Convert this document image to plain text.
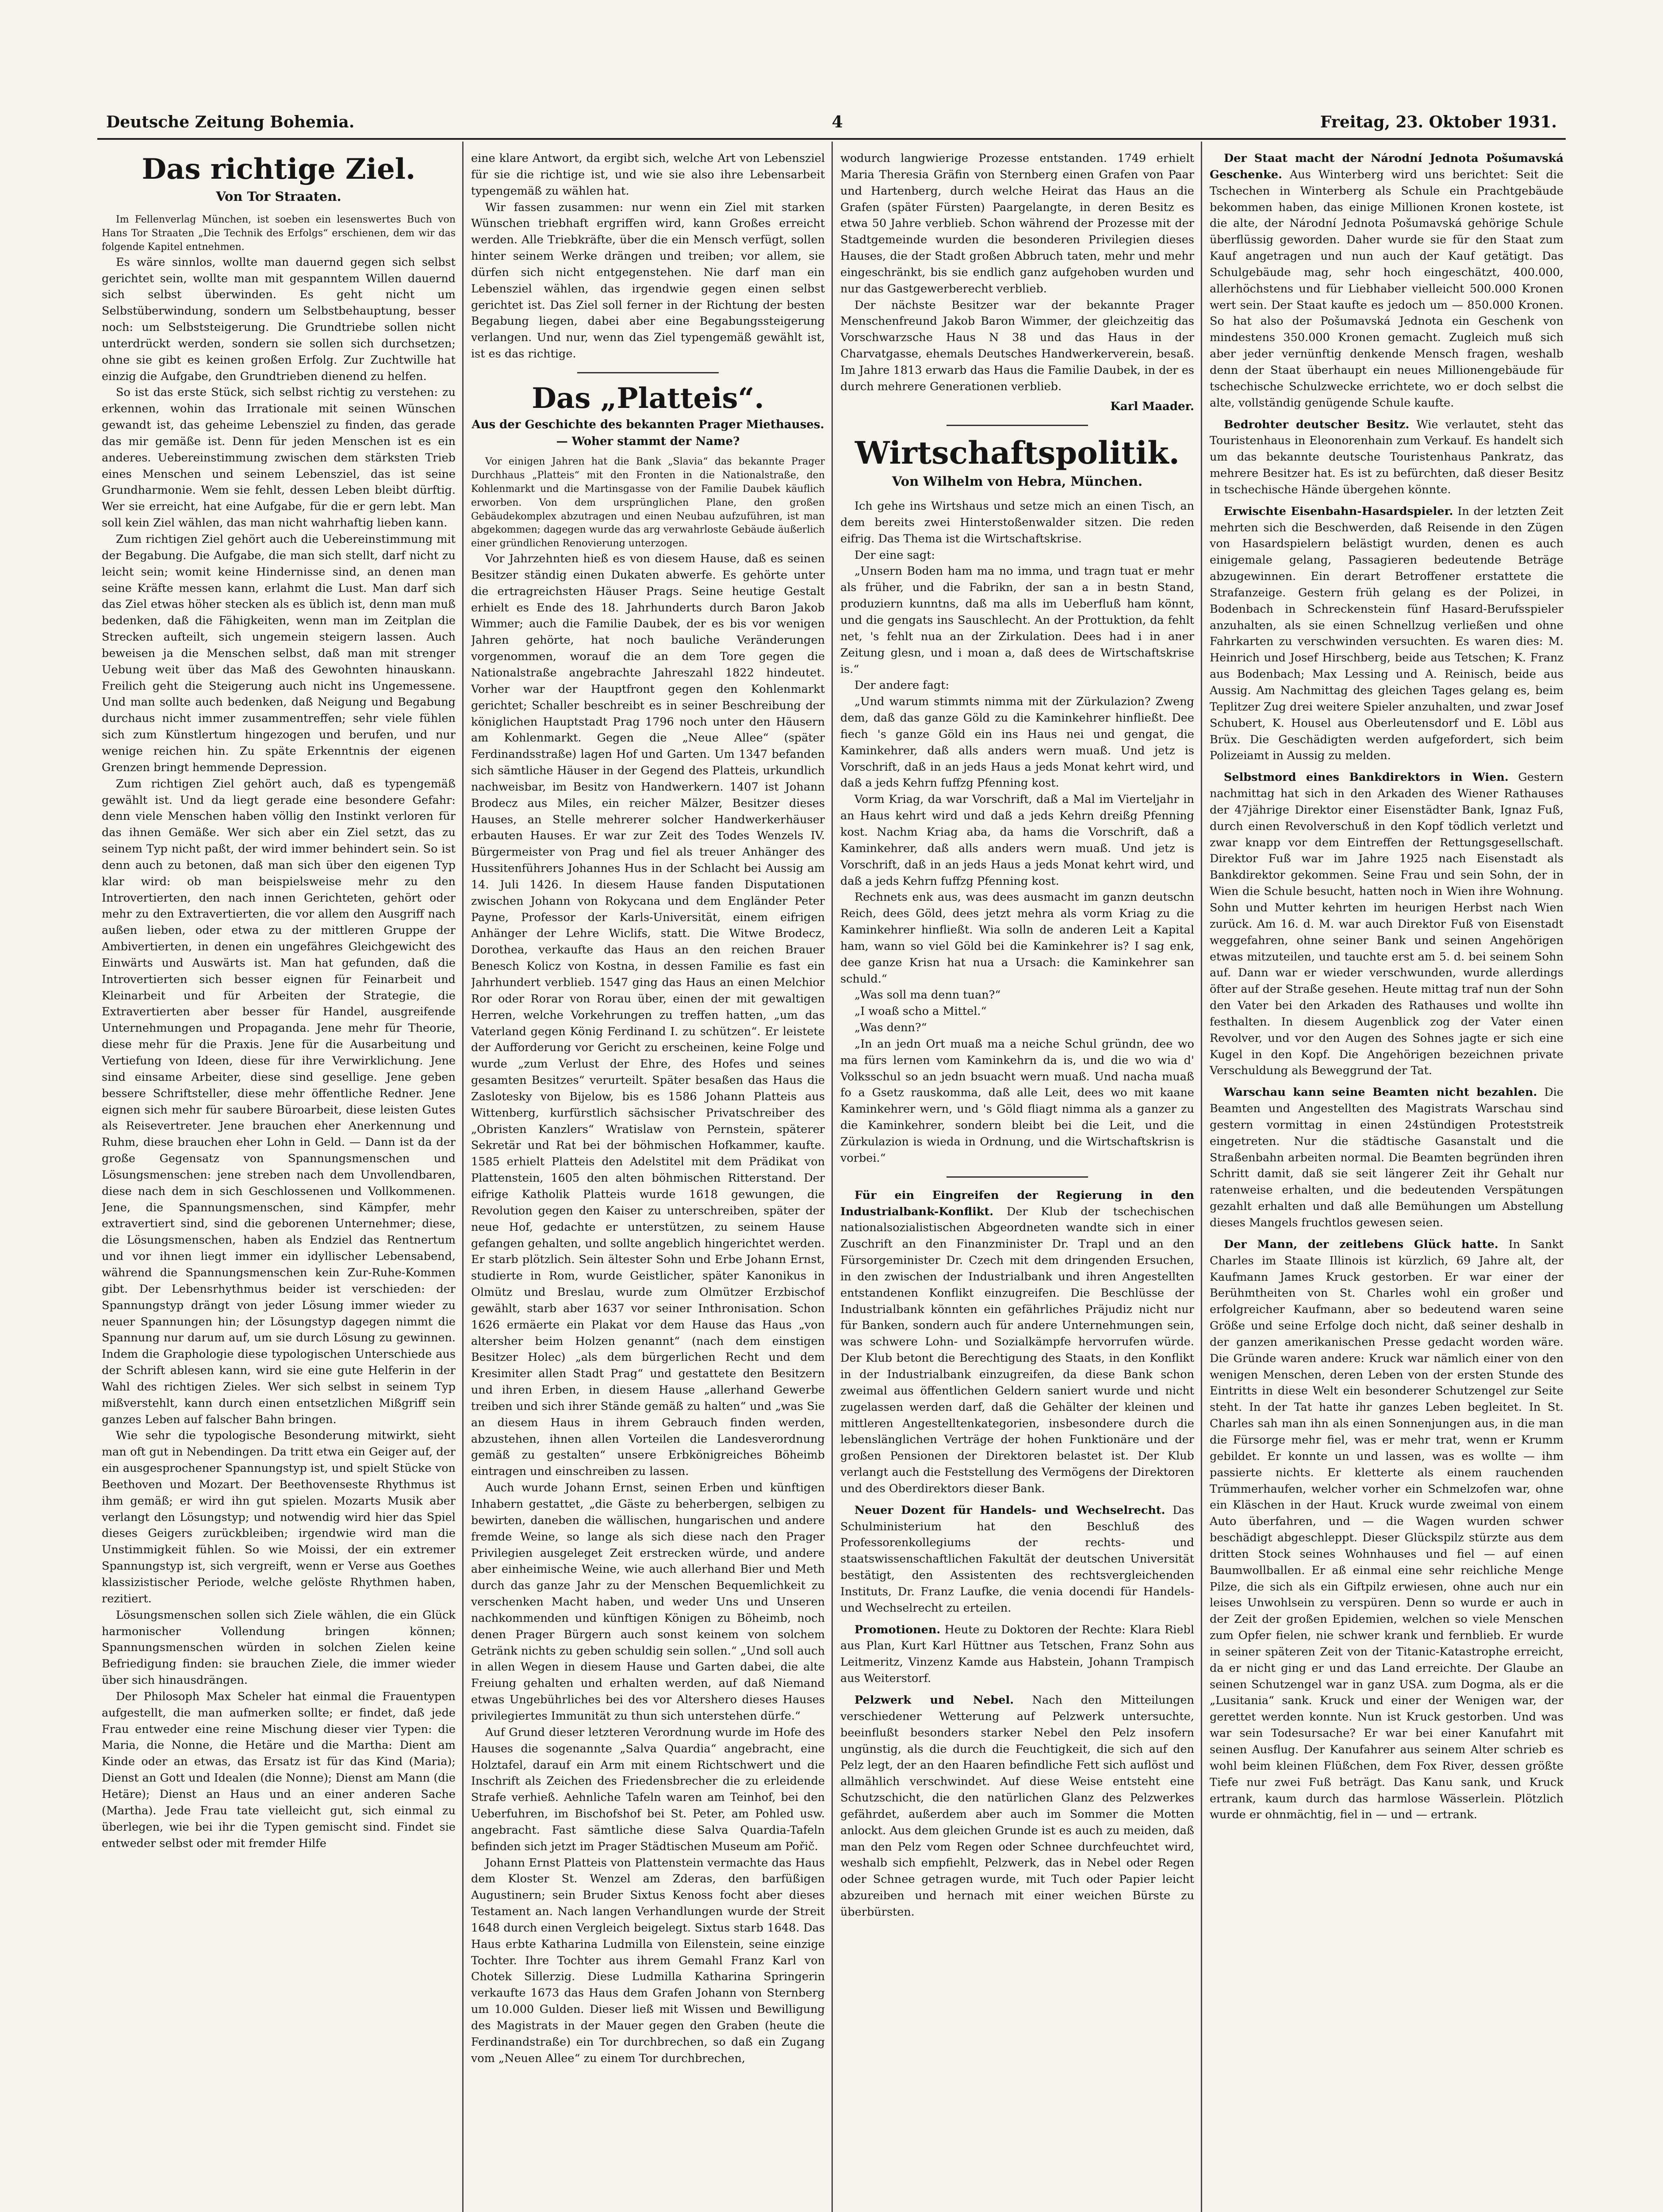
Deutsche Zeitung Bohemia.	4	Freitag, 23. Oktober 1931.
Das richtige Ziel.
Von Tor Straaten.

Im Fellenverlag München, ist soeben ein lesenswertes Buch von Hans Tor Straaten „Die Technik des Erfolgs“ erschienen, dem wir das folgende Kapitel entnehmen.

Es wäre sinnlos, wollte man dauernd gegen sich selbst gerichtet sein, wollte man mit gespanntem Willen dauernd sich selbst überwinden. Es geht nicht um Selbstüberwindung, sondern um Selbstbehauptung, besser noch: um Selbststeigerung. Die Grundtriebe sollen nicht unterdrückt werden, sondern sie sollen sich durchsetzen; ohne sie gibt es keinen großen Erfolg. Zur Zuchtwille hat einzig die Aufgabe, den Grundtrieben dienend zu helfen.

So ist das erste Stück, sich selbst richtig zu verstehen: zu erkennen, wohin das Irrationale mit seinen Wünschen gewandt ist, das geheime Lebensziel zu finden, das gerade das mir gemäße ist. Denn für jeden Menschen ist es ein anderes. Uebereinstimmung zwischen dem stärksten Trieb eines Menschen und seinem Lebensziel, das ist seine Grundharmonie. Wem sie fehlt, dessen Leben bleibt dürftig. Wer sie erreicht, hat eine Aufgabe, für die er gern lebt. Man soll kein Ziel wählen, das man nicht wahrhaftig lieben kann.

Zum richtigen Ziel gehört auch die Uebereinstimmung mit der Begabung. Die Aufgabe, die man sich stellt, darf nicht zu leicht sein; womit keine Hindernisse sind, an denen man seine Kräfte messen kann, erlahmt die Lust. Man darf sich das Ziel etwas höher stecken als es üblich ist, denn man muß bedenken, daß die Fähigkeiten, wenn man im Zeitplan die Strecken aufteilt, sich ungemein steigern lassen. Auch beweisen ja die Menschen selbst, daß man mit strenger Uebung weit über das Maß des Gewohnten hinauskann. Freilich geht die Steigerung auch nicht ins Ungemessene. Und man sollte auch bedenken, daß Neigung und Begabung durchaus nicht immer zusammentreffen; sehr viele fühlen sich zum Künstlertum hingezogen und berufen, und nur wenige reichen hin. Zu späte Erkenntnis der eigenen Grenzen bringt hemmende Depression.

Zum richtigen Ziel gehört auch, daß es typengemäß gewählt ist. Und da liegt gerade eine besondere Gefahr: denn viele Menschen haben völlig den Instinkt verloren für das ihnen Gemäße. Wer sich aber ein Ziel setzt, das zu seinem Typ nicht paßt, der wird immer behindert sein. So ist denn auch zu betonen, daß man sich über den eigenen Typ klar wird: ob man beispielsweise mehr zu den Introvertierten, den nach innen Gerichteten, gehört oder mehr zu den Extravertierten, die vor allem den Ausgriff nach außen lieben, oder etwa zu der mittleren Gruppe der Ambivertierten, in denen ein ungefähres Gleichgewicht des Einwärts und Auswärts ist. Man hat gefunden, daß die Introvertierten sich besser eignen für Feinarbeit und Kleinarbeit und für Arbeiten der Strategie, die Extravertierten aber besser für Handel, ausgreifende Unternehmungen und Propaganda. Jene mehr für Theorie, diese mehr für die Praxis. Jene für die Ausarbeitung und Vertiefung von Ideen, diese für ihre Verwirklichung. Jene sind einsame Arbeiter, diese sind gesellige. Jene geben bessere Schriftsteller, diese mehr öffentliche Redner. Jene eignen sich mehr für saubere Büroarbeit, diese leisten Gutes als Reisevertreter. Jene brauchen eher Anerkennung und Ruhm, diese brauchen eher Lohn in Geld. — Dann ist da der große Gegensatz von Spannungsmenschen und Lösungsmenschen: jene streben nach dem Unvollendbaren, diese nach dem in sich Geschlossenen und Vollkommenen. Jene, die Spannungsmenschen, sind Kämpfer, mehr extravertiert sind, sind die geborenen Unternehmer; diese, die Lösungsmenschen, haben als Endziel das Rentnertum und vor ihnen liegt immer ein idyllischer Lebensabend, während die Spannungsmenschen kein Zur-Ruhe-Kommen gibt. Der Lebensrhythmus beider ist verschieden: der Spannungstyp drängt von jeder Lösung immer wieder zu neuer Spannungen hin; der Lösungstyp dagegen nimmt die Spannung nur darum auf, um sie durch Lösung zu gewinnen. Indem die Graphologie diese typologischen Unterschiede aus der Schrift ablesen kann, wird sie eine gute Helferin in der Wahl des richtigen Zieles. Wer sich selbst in seinem Typ mißverstehlt, kann durch einen entsetzlichen Mißgriff sein ganzes Leben auf falscher Bahn bringen.

Wie sehr die typologische Besonderung mitwirkt, sieht man oft gut in Nebendingen. Da tritt etwa ein Geiger auf, der ein ausgesprochener Spannungstyp ist, und spielt Stücke von Beethoven und Mozart. Der Beethovenseste Rhythmus ist ihm gemäß; er wird ihn gut spielen. Mozarts Musik aber verlangt den Lösungstyp; und notwendig wird hier das Spiel dieses Geigers zurückbleiben; irgendwie wird man die Unstimmigkeit fühlen. So wie Moissi, der ein extremer Spannungstyp ist, sich vergreift, wenn er Verse aus Goethes klassizistischer Periode, welche gelöste Rhythmen haben, rezitiert.

Lösungsmenschen sollen sich Ziele wählen, die ein Glück harmonischer Vollendung bringen können; Spannungsmenschen würden in solchen Zielen keine Befriedigung finden: sie brauchen Ziele, die immer wieder über sich hinausdrängen.

Der Philosoph Max Scheler hat einmal die Frauentypen aufgestellt, die man aufmerken sollte; er findet, daß jede Frau entweder eine reine Mischung dieser vier Typen: die Maria, die Nonne, die Hetäre und die Martha: Dient am Kinde oder an etwas, das Ersatz ist für das Kind (Maria); Dienst an Gott und Idealen (die Nonne); Dienst am Mann (die Hetäre); Dienst an Haus und an einer anderen Sache (Martha). Jede Frau tate vielleicht gut, sich einmal zu überlegen, wie bei ihr die Typen gemischt sind. Findet sie entweder selbst oder mit fremder Hilfe

eine klare Antwort, da ergibt sich, welche Art von Lebensziel für sie die richtige ist, und wie sie also ihre Lebensarbeit typengemäß zu wählen hat.

Wir fassen zusammen: nur wenn ein Ziel mit starken Wünschen triebhaft ergriffen wird, kann Großes erreicht werden. Alle Triebkräfte, über die ein Mensch verfügt, sollen hinter seinem Werke drängen und treiben; vor allem, sie dürfen sich nicht entgegenstehen. Nie darf man ein Lebensziel wählen, das irgendwie gegen einen selbst gerichtet ist. Das Ziel soll ferner in der Richtung der besten Begabung liegen, dabei aber eine Begabungssteigerung verlangen. Und nur, wenn das Ziel typengemäß gewählt ist, ist es das richtige.

Das „Platteis“.
Aus der Geschichte des bekannten Prager Miethauses. — Woher stammt der Name?

Vor einigen Jahren hat die Bank „Slavia“ das bekannte Prager Durchhaus „Platteis“ mit den Fronten in die Nationalstraße, den Kohlenmarkt und die Martinsgasse von der Familie Daubek käuflich erworben. Von dem ursprünglichen Plane, den großen Gebäudekomplex abzutragen und einen Neubau aufzuführen, ist man abgekommen; dagegen wurde das arg verwahrloste Gebäude äußerlich einer gründlichen Renovierung unterzogen.

Vor Jahrzehnten hieß es von diesem Hause, daß es seinen Besitzer ständig einen Dukaten abwerfe. Es gehörte unter die ertragreichsten Häuser Prags. Seine heutige Gestalt erhielt es Ende des 18. Jahrhunderts durch Baron Jakob Wimmer; auch die Familie Daubek, der es bis vor wenigen Jahren gehörte, hat noch bauliche Veränderungen vorgenommen, worauf die an dem Tore gegen die Nationalstraße angebrachte Jahreszahl 1822 hindeutet. Vorher war der Hauptfront gegen den Kohlenmarkt gerichtet; Schaller beschreibt es in seiner Beschreibung der königlichen Hauptstadt Prag 1796 noch unter den Häusern am Kohlenmarkt. Gegen die „Neue Allee“ (später Ferdinandsstraße) lagen Hof und Garten. Um 1347 befanden sich sämtliche Häuser in der Gegend des Platteis, urkundlich nachweisbar, im Besitz von Handwerkern. 1407 ist Johann Brodecz aus Miles, ein reicher Mälzer, Besitzer dieses Hauses, an Stelle mehrerer solcher Handwerkerhäuser erbauten Hauses. Er war zur Zeit des Todes Wenzels IV. Bürgermeister von Prag und fiel als treuer Anhänger des Hussitenführers Johannes Hus in der Schlacht bei Aussig am 14. Juli 1426. In diesem Hause fanden Disputationen zwischen Johann von Rokycana und dem Engländer Peter Payne, Professor der Karls-Universität, einem eifrigen Anhänger der Lehre Wiclifs, statt. Die Witwe Brodecz, Dorothea, verkaufte das Haus an den reichen Brauer Benesch Kolicz von Kostna, in dessen Familie es fast ein Jahrhundert verblieb. 1547 ging das Haus an einen Melchior Ror oder Rorar von Rorau über, einen der mit gewaltigen Herren, welche Vorkehrungen zu treffen hatten, „um das Vaterland gegen König Ferdinand I. zu schützen“. Er leistete der Aufforderung vor Gericht zu erscheinen, keine Folge und wurde „zum Verlust der Ehre, des Hofes und seines gesamten Besitzes“ verurteilt. Später besaßen das Haus die Zaslotesky von Bijelow, bis es 1586 Johann Platteis aus Wittenberg, kurfürstlich sächsischer Privatschreiber des „Obristen Kanzlers“ Wratislaw von Pernstein, späterer Sekretär und Rat bei der böhmischen Hofkammer, kaufte. 1585 erhielt Platteis den Adelstitel mit dem Prädikat von Plattenstein, 1605 den alten böhmischen Ritterstand. Der eifrige Katholik Platteis wurde 1618 gewungen, die Revolution gegen den Kaiser zu unterschreiben, später der neue Hof, gedachte er unterstützen, zu seinem Hause gefangen gehalten, und sollte angeblich hingerichtet werden. Er starb plötzlich. Sein ältester Sohn und Erbe Johann Ernst, studierte in Rom, wurde Geistlicher, später Kanonikus in Olmütz und Breslau, wurde zum Olmützer Erzbischof gewählt, starb aber 1637 vor seiner Inthronisation. Schon 1626 ermäerte ein Plakat vor dem Hause das Haus „von altersher beim Holzen genannt“ (nach dem einstigen Besitzer Holec) „als dem bürgerlichen Recht und dem Kresimiter allen Stadt Prag“ und gestattete den Besitzern und ihren Erben, in diesem Hause „allerhand Gewerbe treiben und sich ihrer Stände gemäß zu halten“ und „was Sie an diesem Haus in ihrem Gebrauch finden werden, abzustehen, ihnen allen Vorteilen die Landesverordnung gemäß zu gestalten“ unsere Erbkönigreiches Böheimb eintragen und einschreiben zu lassen.

Auch wurde Johann Ernst, seinen Erben und künftigen Inhabern gestattet, „die Gäste zu beherbergen, selbigen zu bewirten, daneben die wällischen, hungarischen und andere fremde Weine, so lange als sich diese nach den Prager Privilegien ausgeleget Zeit erstrecken würde, und andere aber einheimische Weine, wie auch allerhand Bier und Meth durch das ganze Jahr zu der Menschen Bequemlichkeit zu verschenken Macht haben, und weder Uns und Unseren nachkommenden und künftigen Königen zu Böheimb, noch denen Prager Bürgern auch sonst keinem von solchem Getränk nichts zu geben schuldig sein sollen.“ „Und soll auch in allen Wegen in diesem Hause und Garten dabei, die alte Freiung gehalten und erhalten werden, auf daß Niemand etwas Ungebührliches bei des vor Altershero dieses Hauses privilegiertes Immunität zu thun sich unterstehen dürfe.“

Auf Grund dieser letzteren Verordnung wurde im Hofe des Hauses die sogenannte „Salva Quardia“ angebracht, eine Holztafel, darauf ein Arm mit einem Richtschwert und die Inschrift als Zeichen des Friedensbrecher die zu erleidende Strafe verhieß. Aehnliche Tafeln waren am Teinhof, bei den Ueberfuhren, im Bischofshof bei St. Peter, am Pohled usw. angebracht. Fast sämtliche diese Salva Quardia-Tafeln befinden sich jetzt im Prager Städtischen Museum am Pořič.

Johann Ernst Platteis von Plattenstein vermachte das Haus dem Kloster St. Wenzel am Zderas, den barfüßigen Augustinern; sein Bruder Sixtus Kenoss focht aber dieses Testament an. Nach langen Verhandlungen wurde der Streit 1648 durch einen Vergleich beigelegt. Sixtus starb 1648. Das Haus erbte Katharina Ludmilla von Eilenstein, seine einzige Tochter. Ihre Tochter aus ihrem Gemahl Franz Karl von Chotek Sillerzig. Diese Ludmilla Katharina Springerin verkaufte 1673 das Haus dem Grafen Johann von Sternberg um 10.000 Gulden. Dieser ließ mit Wissen und Bewilligung des Magistrats in der Mauer gegen den Graben (heute die Ferdinandstraße) ein Tor durchbrechen, so daß ein Zugang vom „Neuen Allee“ zu einem Tor durchbrechen,

wodurch langwierige Prozesse entstanden. 1749 erhielt Maria Theresia Gräfin von Sternberg einen Grafen von Paar und Hartenberg, durch welche Heirat das Haus an die Grafen (später Fürsten) Paargelangte, in deren Besitz es etwa 50 Jahre verblieb. Schon während der Prozesse mit der Stadtgemeinde wurden die besonderen Privilegien dieses Hauses, die der Stadt großen Abbruch taten, mehr und mehr eingeschränkt, bis sie endlich ganz aufgehoben wurden und nur das Gastgewerberecht verblieb.

Der nächste Besitzer war der bekannte Prager Menschenfreund Jakob Baron Wimmer, der gleichzeitig das Vorschwarzsche Haus N 38 und das Haus in der Charvatgasse, ehemals Deutsches Handwerkerverein, besaß. Im Jahre 1813 erwarb das Haus die Familie Daubek, in der es durch mehrere Generationen verblieb.

Karl Maader.
Wirtschaftspolitik.
Von Wilhelm von Hebra, München.

Ich gehe ins Wirtshaus und setze mich an einen Tisch, an dem bereits zwei Hinterstoßenwalder sitzen. Die reden eifrig. Das Thema ist die Wirtschaftskrise.

Der eine sagt:

„Unsern Boden ham ma no imma, und tragn tuat er mehr als früher, und die Fabrikn, der san a in bestn Stand, produziern kunntns, daß ma alls im Ueberfluß ham könnt, und die gengats ins Sauschlecht. An der Prottuktion, da fehlt net, 's fehlt nua an der Zirkulation. Dees had i in aner Zeitung glesn, und i moan a, daß dees de Wirtschaftskrise is.“

Der andere fagt:

„Und warum stimmts nimma mit der Zürkulazion? Zweng dem, daß das ganze Göld zu die Kaminkehrer hinfließt. Dee fiech 's ganze Göld ein ins Haus nei und gengat, die Kaminkehrer, daß alls anders wern muaß. Und jetz is Vorschrift, daß in an jeds Haus a jeds Monat kehrt wird, und daß a jeds Kehrn fuffzg Pfenning kost.

Vorm Kriag, da war Vorschrift, daß a Mal im Vierteljahr in an Haus kehrt wird und daß a jeds Kehrn dreißg Pfenning kost. Nachm Kriag aba, da hams die Vorschrift, daß a Kaminkehrer, daß alls anders wern muaß. Und jetz is Vorschrift, daß in an jeds Haus a jeds Monat kehrt wird, und daß a jeds Kehrn fuffzg Pfenning kost.

Rechnets enk aus, was dees ausmacht im ganzn deutschn Reich, dees Göld, dees jetzt mehra als vorm Kriag zu die Kaminkehrer hinfließt. Wia solln de anderen Leit a Kapital ham, wann so viel Göld bei die Kaminkehrer is? I sag enk, dee ganze Krisn hat nua a Ursach: die Kaminkehrer san schuld.“

„Was soll ma denn tuan?“

„I woaß scho a Mittel.“

„Was denn?“

„In an jedn Ort muaß ma a neiche Schul gründn, dee wo ma fürs lernen vom Kaminkehrn da is, und die wo wia d' Volksschul so an jedn bsuacht wern muaß. Und nacha muaß fo a Gsetz rauskomma, daß alle Leit, dees wo mit kaane Kaminkehrer wern, und 's Göld fliagt nimma als a ganzer zu die Kaminkehrer, sondern bleibt bei die Leit, und die Zürkulazion is wieda in Ordnung, und die Wirtschaftskrisn is vorbei.“

Für ein Eingreifen der Regierung in den Industrialbank-Konflikt. Der Klub der tschechischen nationalsozialistischen Abgeordneten wandte sich in einer Zuschrift an den Finanzminister Dr. Trapl und an den Fürsorgeminister Dr. Czech mit dem dringenden Ersuchen, in den zwischen der Industrialbank und ihren Angestellten entstandenen Konflikt einzugreifen. Die Beschlüsse der Industrialbank könnten ein gefährliches Präjudiz nicht nur für Banken, sondern auch für andere Unternehmungen sein, was schwere Lohn- und Sozialkämpfe hervorrufen würde. Der Klub betont die Berechtigung des Staats, in den Konflikt in der Industrialbank einzugreifen, da diese Bank schon zweimal aus öffentlichen Geldern saniert wurde und nicht zugelassen werden darf, daß die Gehälter der kleinen und mittleren Angestelltenkategorien, insbesondere durch die lebenslänglichen Verträge der hohen Funktionäre und der großen Pensionen der Direktoren belastet ist. Der Klub verlangt auch die Feststellung des Vermögens der Direktoren und des Oberdirektors dieser Bank.

Neuer Dozent für Handels- und Wechselrecht. Das Schulministerium hat den Beschluß des Professorenkollegiums der rechts- und staatswissenschaftlichen Fakultät der deutschen Universität bestätigt, den Assistenten des rechtsvergleichenden Instituts, Dr. Franz Laufke, die venia docendi für Handels- und Wechselrecht zu erteilen.

Promotionen. Heute zu Doktoren der Rechte: Klara Riebl aus Plan, Kurt Karl Hüttner aus Tetschen, Franz Sohn aus Leitmeritz, Vinzenz Kamde aus Habstein, Johann Trampisch aus Weiterstorf.

Pelzwerk und Nebel. Nach den Mitteilungen verschiedener Wetterung auf Pelzwerk untersuchte, beeinflußt besonders starker Nebel den Pelz insofern ungünstig, als die durch die Feuchtigkeit, die sich auf den Pelz legt, der an den Haaren befindliche Fett sich auflöst und allmählich verschwindet. Auf diese Weise entsteht eine Schutzschicht, die den natürlichen Glanz des Pelzwerkes gefährdet, außerdem aber auch im Sommer die Motten anlockt. Aus dem gleichen Grunde ist es auch zu meiden, daß man den Pelz vom Regen oder Schnee durchfeuchtet wird, weshalb sich empfiehlt, Pelzwerk, das in Nebel oder Regen oder Schnee getragen wurde, mit Tuch oder Papier leicht abzureiben und hernach mit einer weichen Bürste zu überbürsten.

Der Staat macht der Národní Jednota Pošumavská Geschenke. Aus Winterberg wird uns berichtet: Seit die Tschechen in Winterberg als Schule ein Prachtgebäude bekommen haben, das einige Millionen Kronen kostete, ist die alte, der Národní Jednota Pošumavská gehörige Schule überflüssig geworden. Daher wurde sie für den Staat zum Kauf angetragen und nun auch der Kauf getätigt. Das Schulgebäude mag, sehr hoch eingeschätzt, 400.000, allerhöchstens und für Liebhaber vielleicht 500.000 Kronen wert sein. Der Staat kaufte es jedoch um — 850.000 Kronen. So hat also der Pošumavská Jednota ein Geschenk von mindestens 350.000 Kronen gemacht. Zugleich muß sich aber jeder vernünftig denkende Mensch fragen, weshalb denn der Staat überhaupt ein neues Millionengebäude für tschechische Schulzwecke errichtete, wo er doch selbst die alte, vollständig genügende Schule kaufte.

Bedrohter deutscher Besitz. Wie verlautet, steht das Touristenhaus in Eleonorenhain zum Verkauf. Es handelt sich um das bekannte deutsche Touristenhaus Pankratz, das mehrere Besitzer hat. Es ist zu befürchten, daß dieser Besitz in tschechische Hände übergehen könnte.

Erwischte Eisenbahn-Hasardspieler. In der letzten Zeit mehrten sich die Beschwerden, daß Reisende in den Zügen von Hasardspielern belästigt wurden, denen es auch einigemale gelang, Passagieren bedeutende Beträge abzugewinnen. Ein derart Betroffener erstattete die Strafanzeige. Gestern früh gelang es der Polizei, in Bodenbach in Schreckenstein fünf Hasard-Berufsspieler anzuhalten, als sie einen Schnellzug verließen und ohne Fahrkarten zu verschwinden versuchten. Es waren dies: M. Heinrich und Josef Hirschberg, beide aus Tetschen; K. Franz aus Bodenbach; Max Lessing und A. Reinisch, beide aus Aussig. Am Nachmittag des gleichen Tages gelang es, beim Teplitzer Zug drei weitere Spieler anzuhalten, und zwar Josef Schubert, K. Housel aus Oberleutensdorf und E. Löbl aus Brüx. Die Geschädigten werden aufgefordert, sich beim Polizeiamt in Aussig zu melden.

Selbstmord eines Bankdirektors in Wien. Gestern nachmittag hat sich in den Arkaden des Wiener Rathauses der 47jährige Direktor einer Eisenstädter Bank, Ignaz Fuß, durch einen Revolverschuß in den Kopf tödlich verletzt und zwar knapp vor dem Eintreffen der Rettungsgesellschaft. Direktor Fuß war im Jahre 1925 nach Eisenstadt als Bankdirektor gekommen. Seine Frau und sein Sohn, der in Wien die Schule besucht, hatten noch in Wien ihre Wohnung. Sohn und Mutter kehrten im heurigen Herbst nach Wien zurück. Am 16. d. M. war auch Direktor Fuß von Eisenstadt weggefahren, ohne seiner Bank und seinen Angehörigen etwas mitzuteilen, und tauchte erst am 5. d. bei seinem Sohn auf. Dann war er wieder verschwunden, wurde allerdings öfter auf der Straße gesehen. Heute mittag traf nun der Sohn den Vater bei den Arkaden des Rathauses und wollte ihn festhalten. In diesem Augenblick zog der Vater einen Revolver, und vor den Augen des Sohnes jagte er sich eine Kugel in den Kopf. Die Angehörigen bezeichnen private Verschuldung als Beweggrund der Tat.

Warschau kann seine Beamten nicht bezahlen. Die Beamten und Angestellten des Magistrats Warschau sind gestern vormittag in einen 24stündigen Proteststreik eingetreten. Nur die städtische Gasanstalt und die Straßenbahn arbeiten normal. Die Beamten begründen ihren Schritt damit, daß sie seit längerer Zeit ihr Gehalt nur ratenweise erhalten, und die bedeutenden Verspätungen gezahlt erhalten und daß alle Bemühungen um Abstellung dieses Mangels fruchtlos gewesen seien.

Der Mann, der zeitlebens Glück hatte. In Sankt Charles im Staate Illinois ist kürzlich, 69 Jahre alt, der Kaufmann James Kruck gestorben. Er war einer der Berühmtheiten von St. Charles wohl ein großer und erfolgreicher Kaufmann, aber so bedeutend waren seine Größe und seine Erfolge doch nicht, daß seiner deshalb in der ganzen amerikanischen Presse gedacht worden wäre. Die Gründe waren andere: Kruck war nämlich einer von den wenigen Menschen, deren Leben von der ersten Stunde des Eintritts in diese Welt ein besonderer Schutzengel zur Seite steht. In der Tat hatte ihr ganzes Leben begleitet. In St. Charles sah man ihn als einen Sonnenjungen aus, in die man die Fürsorge mehr fiel, was er mehr trat, wenn er Krumm gebildet. Er konnte un und lassen, was es wollte — ihm passierte nichts. Er kletterte als einem rauchenden Trümmerhaufen, welcher vorher ein Schmelzofen war, ohne ein Kläschen in der Haut. Kruck wurde zweimal von einem Auto überfahren, und — die Wagen wurden schwer beschädigt abgeschleppt. Dieser Glückspilz stürzte aus dem dritten Stock seines Wohnhauses und fiel — auf einen Baumwollballen. Er aß einmal eine sehr reichliche Menge Pilze, die sich als ein Giftpilz erwiesen, ohne auch nur ein leises Unwohlsein zu verspüren. Denn so wurde er auch in der Zeit der großen Epidemien, welchen so viele Menschen zum Opfer fielen, nie schwer krank und fernblieb. Er wurde in seiner späteren Zeit von der Titanic-Katastrophe erreicht, da er nicht ging er und das Land erreichte. Der Glaube an seinen Schutzengel war in ganz USA. zum Dogma, als er die „Lusitania“ sank. Kruck und einer der Wenigen war, der gerettet werden konnte. Nun ist Kruck gestorben. Und was war sein Todesursache? Er war bei einer Kanufahrt mit seinen Ausflug. Der Kanufahrer aus seinem Alter schrieb es wohl beim kleinen Flüßchen, dem Fox River, dessen größte Tiefe nur zwei Fuß beträgt. Das Kanu sank, und Kruck ertrank, kaum durch das harmlose Wässerlein. Plötzlich wurde er ohnmächtig, fiel in — und — ertrank.
